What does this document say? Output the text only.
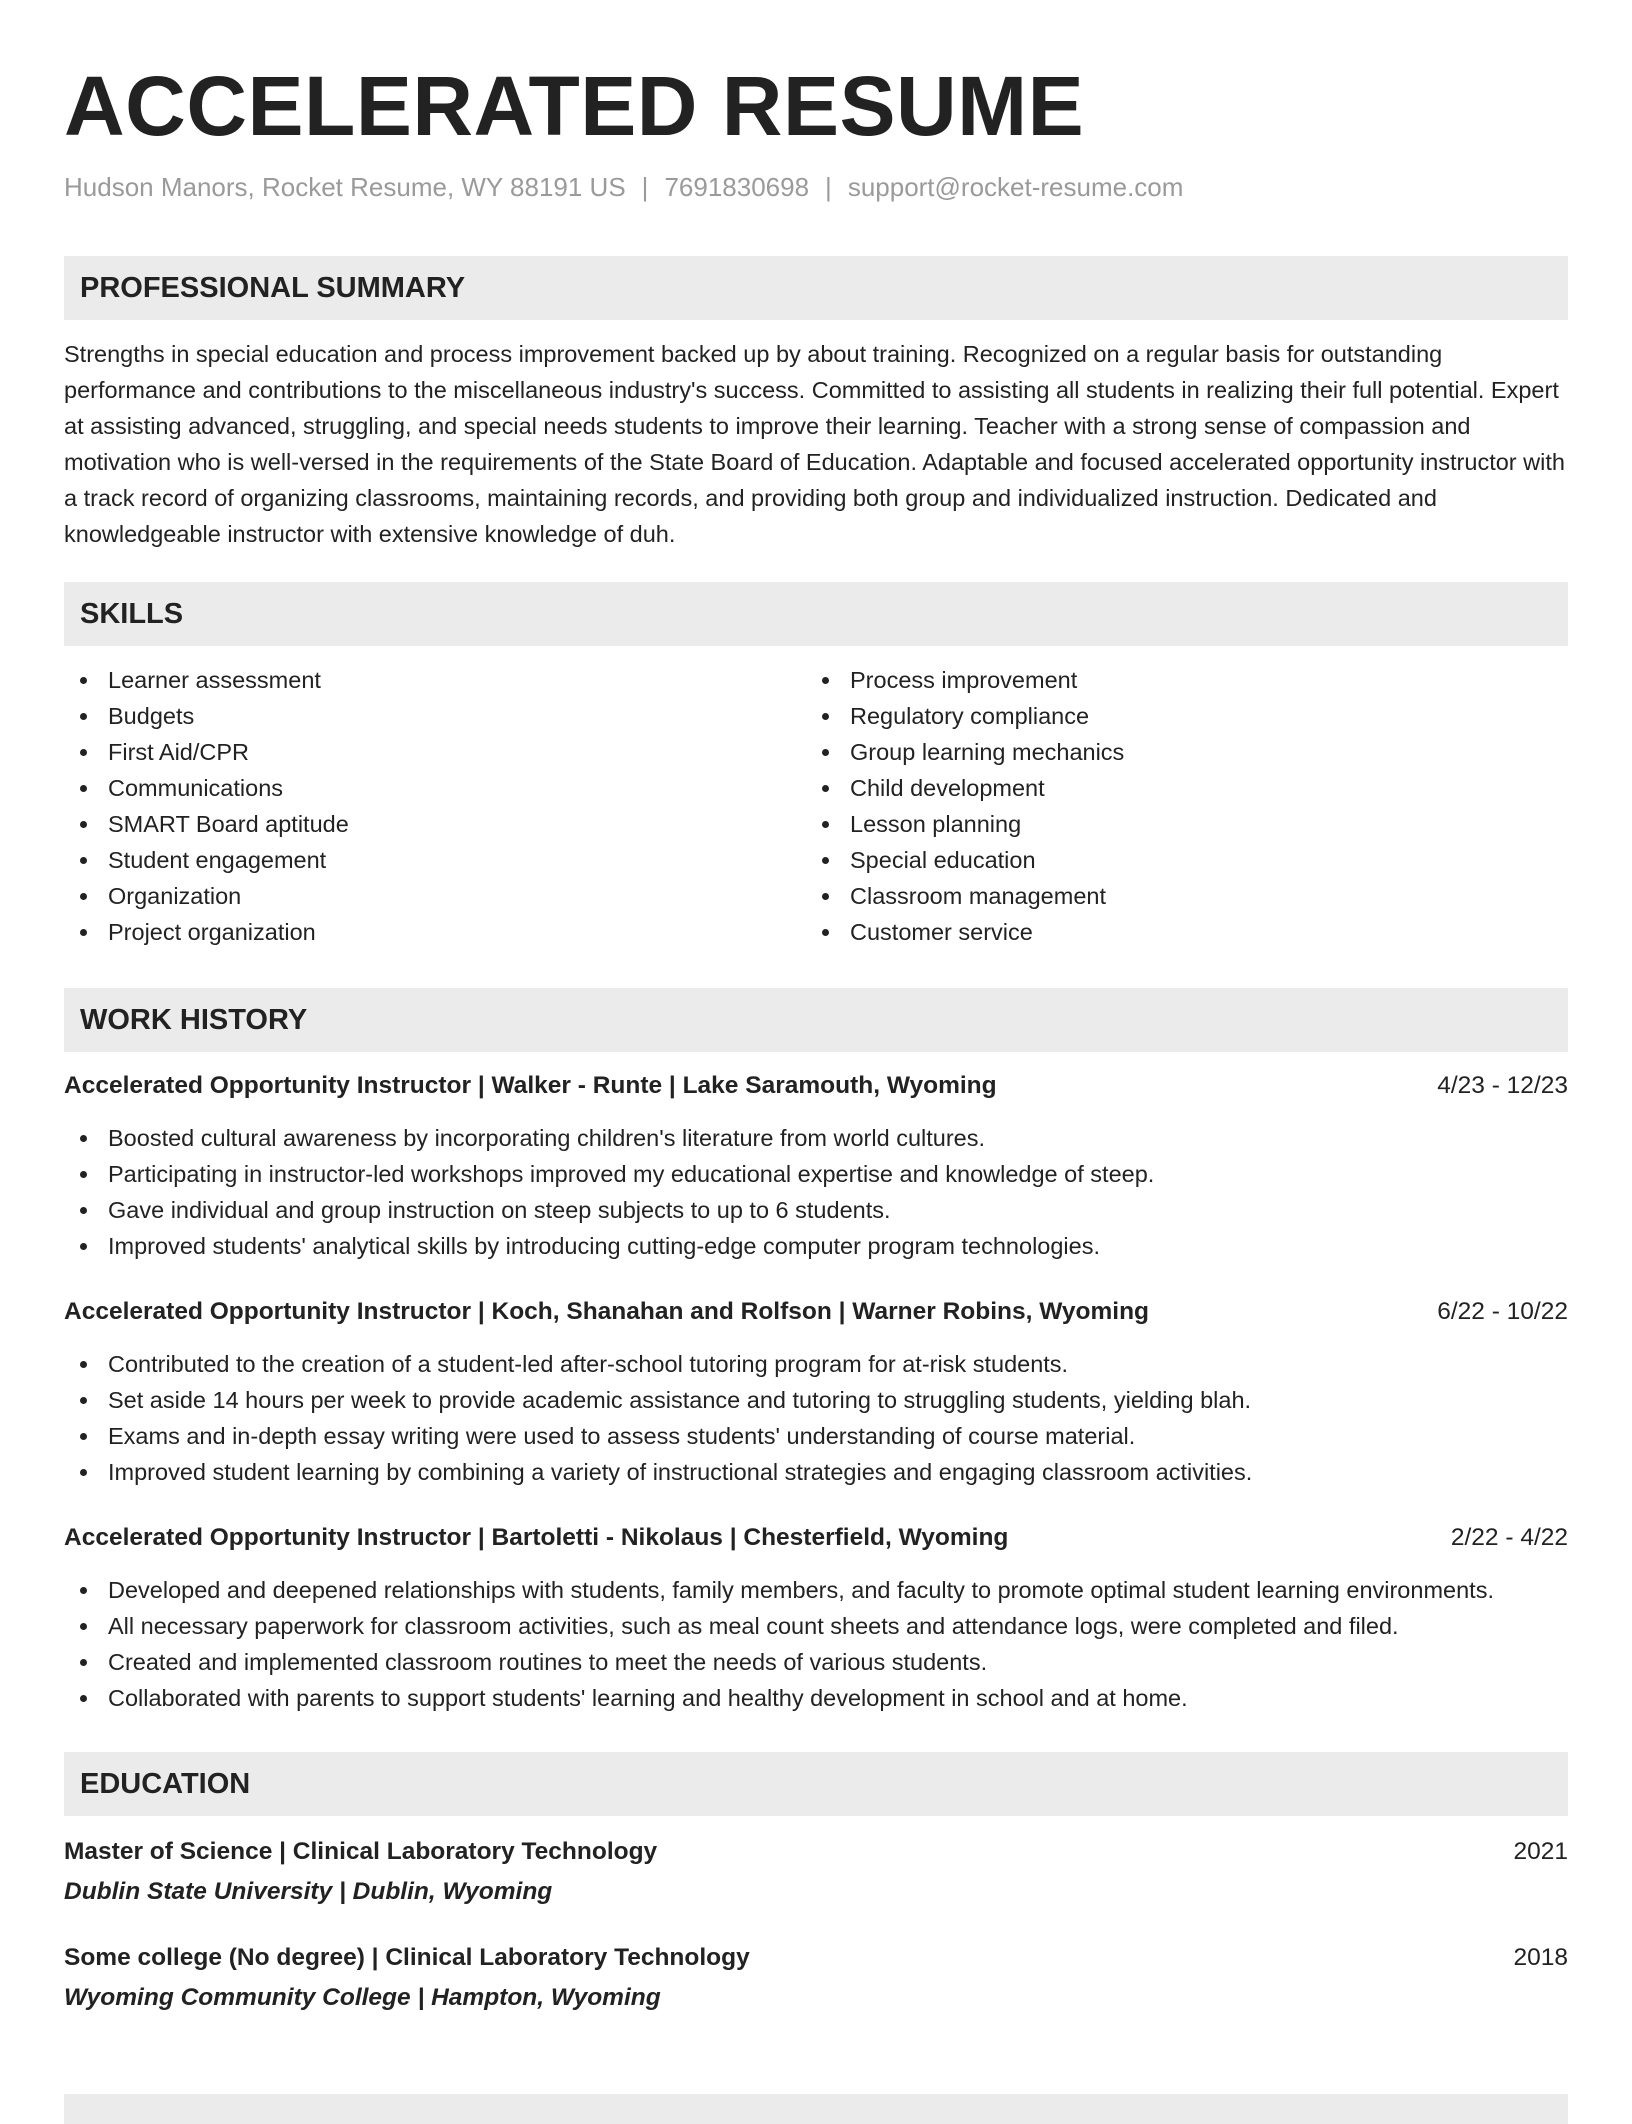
ACCELERATED RESUME
Hudson Manors, Rocket Resume, WY 88191 US | 7691830698 | support@rocket-resume.com
PROFESSIONAL SUMMARY

Strengths in special education and process improvement backed up by about training. Recognized on a regular basis for outstanding performance and contributions to the miscellaneous industry's success. Committed to assisting all students in realizing their full potential. Expert at assisting advanced, struggling, and special needs students to improve their learning. Teacher with a strong sense of compassion and motivation who is well-versed in the requirements of the State Board of Education. Adaptable and focused accelerated opportunity instructor with a track record of organizing classrooms, maintaining records, and providing both group and individualized instruction. Dedicated and knowledgeable instructor with extensive knowledge of duh.

SKILLS
Learner assessment
Budgets
First Aid/CPR
Communications
SMART Board aptitude
Student engagement
Organization
Project organization
Process improvement
Regulatory compliance
Group learning mechanics
Child development
Lesson planning
Special education
Classroom management
Customer service
WORK HISTORY
Accelerated Opportunity Instructor | Walker - Runte | Lake Saramouth, Wyoming	4/23 - 12/23
Boosted cultural awareness by incorporating children's literature from world cultures.
Participating in instructor-led workshops improved my educational expertise and knowledge of steep.
Gave individual and group instruction on steep subjects to up to 6 students.
Improved students' analytical skills by introducing cutting-edge computer program technologies.
Accelerated Opportunity Instructor | Koch, Shanahan and Rolfson | Warner Robins, Wyoming	6/22 - 10/22
Contributed to the creation of a student-led after-school tutoring program for at-risk students.
Set aside 14 hours per week to provide academic assistance and tutoring to struggling students, yielding blah.
Exams and in-depth essay writing were used to assess students' understanding of course material.
Improved student learning by combining a variety of instructional strategies and engaging classroom activities.
Accelerated Opportunity Instructor | Bartoletti - Nikolaus | Chesterfield, Wyoming	2/22 - 4/22
Developed and deepened relationships with students, family members, and faculty to promote optimal student learning environments.
All necessary paperwork for classroom activities, such as meal count sheets and attendance logs, were completed and filed.
Created and implemented classroom routines to meet the needs of various students.
Collaborated with parents to support students' learning and healthy development in school and at home.
EDUCATION
Master of Science | Clinical Laboratory Technology	2021
Dublin State University | Dublin, Wyoming
Some college (No degree) | Clinical Laboratory Technology	2018
Wyoming Community College | Hampton, Wyoming
